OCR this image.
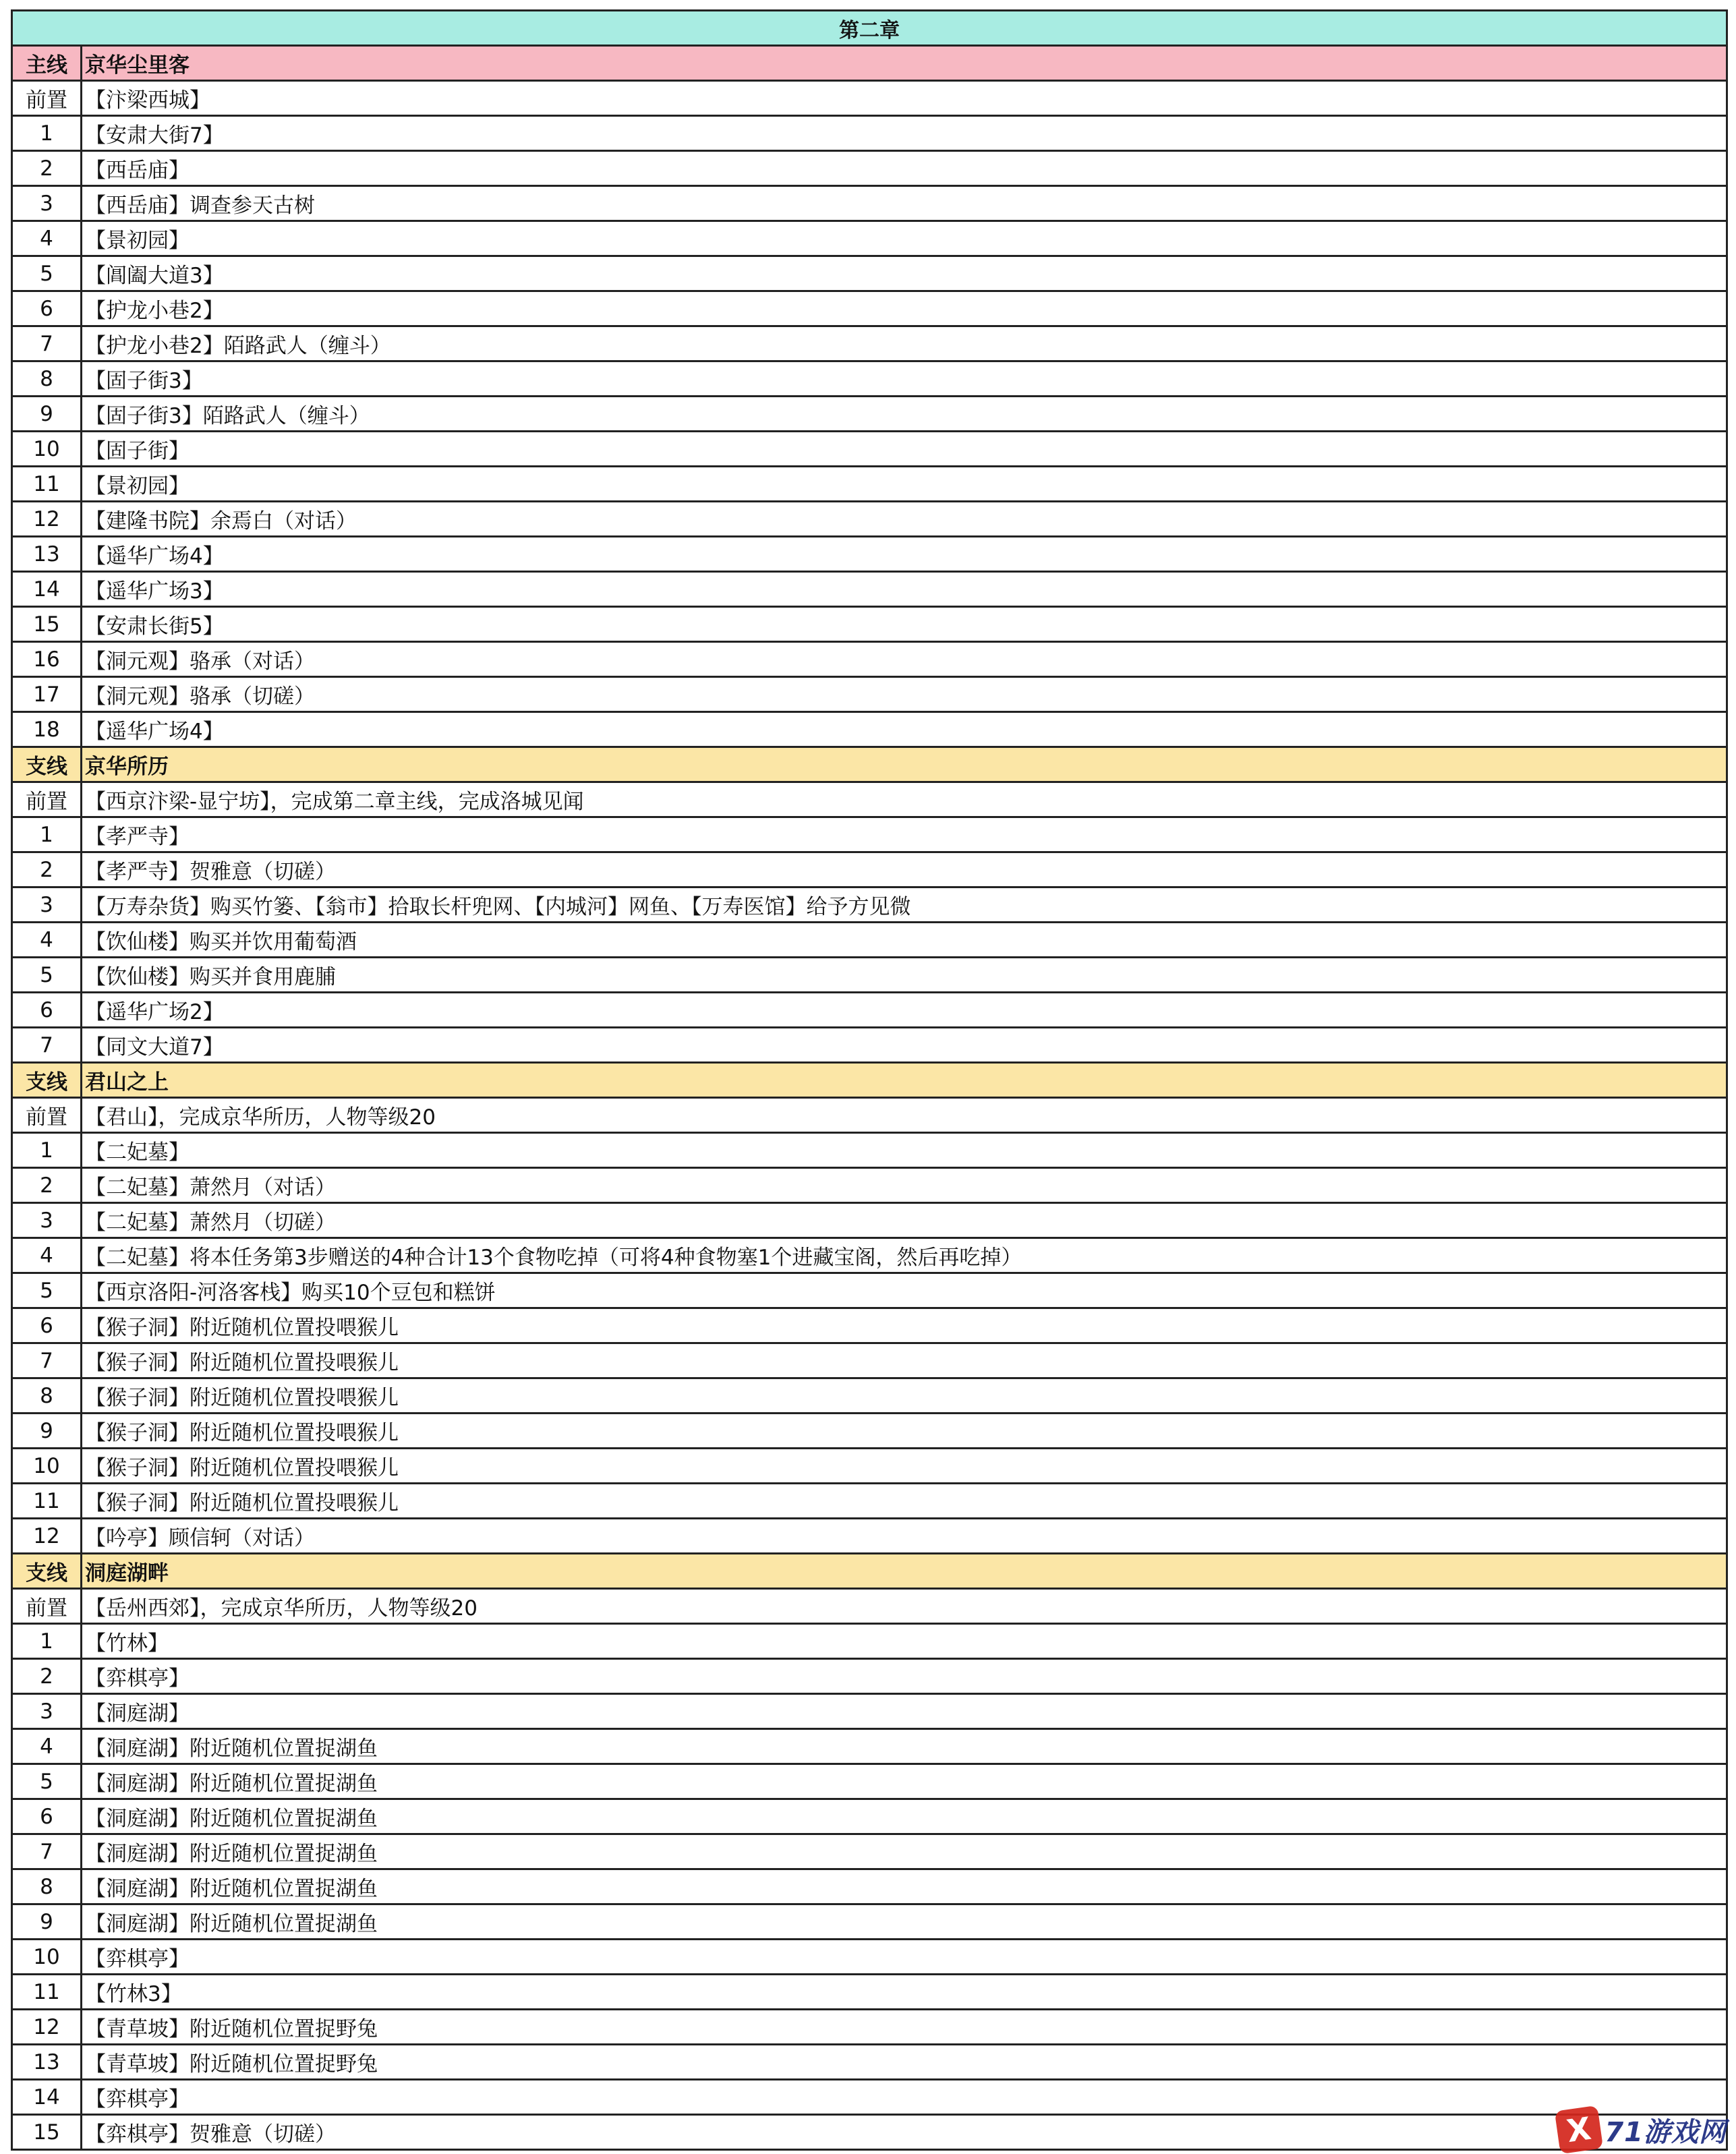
第二章
主线 京华尘里客
前置 【汴梁西城】
1	【安肃大街7】
2	【西岳庙】
3	【西岳庙】调查参天古树
4	【景初园】
5	【阊阖大道3】
6	【护龙小巷2】
7	【护龙小巷2】陌路武人（缠斗）
8	【固子街3】
9	【固子街3】陌路武人（缠斗）
10	【固子街】
11	【景初园】
12	【建隆书院】余焉白（对话）
13	【遥华广场4】
14	【遥华广场3】
15	【安肃长街5】
16	【洞元观】骆承（对话）
17	【洞元观】骆承（切磋）
18	【遥华广场4】
支线 京华所历
前置 【西京汴梁-显宁坊】，完成第二章主线，完成洛城见闻
1	【孝严寺】
2	【孝严寺】贺雅意（切磋）
3	【万寿杂货】购买竹篓、【翁市】拾取长杆兜网、【内城河】网鱼、【万寿医馆】给予方见微
4	【饮仙楼】购买并饮用葡萄酒
5	【饮仙楼】购买并食用鹿脯
6	【遥华广场2】
7	【同文大道7】
支线 君山之上
前置 【君山】，完成京华所历，人物等级20
1	【二妃墓】
2	【二妃墓】萧然月（对话）
3	【二妃墓】萧然月（切磋）
4	【二妃墓】将本任务第3步赠送的4种合计13个食物吃掉（可将4种食物塞1个进藏宝阁，然后再吃掉）
5	【西京洛阳-河洛客栈】购买10个豆包和糕饼
6	【猴子洞】附近随机位置投喂猴儿
7	【猴子洞】附近随机位置投喂猴儿
8	【猴子洞】附近随机位置投喂猴儿
9	【猴子洞】附近随机位置投喂猴儿
10	【猴子洞】附近随机位置投喂猴儿
11	【猴子洞】附近随机位置投喂猴儿
12	【吟亭】顾信轲（对话）
支线 洞庭湖畔
前置 【岳州西郊】，完成京华所历，人物等级20
1	【竹林】
2	【弈棋亭】
3	【洞庭湖】
4	【洞庭湖】附近随机位置捉湖鱼
5	【洞庭湖】附近随机位置捉湖鱼
6	【洞庭湖】附近随机位置捉湖鱼
7	【洞庭湖】附近随机位置捉湖鱼
8	【洞庭湖】附近随机位置捉湖鱼
9	【洞庭湖】附近随机位置捉湖鱼
10	【弈棋亭】
11	【竹林3】
12	【青草坡】附近随机位置捉野兔
13	【青草坡】附近随机位置捉野兔
14	【弈棋亭】
15	【弈棋亭】贺雅意（切磋）	X 71游戏网
